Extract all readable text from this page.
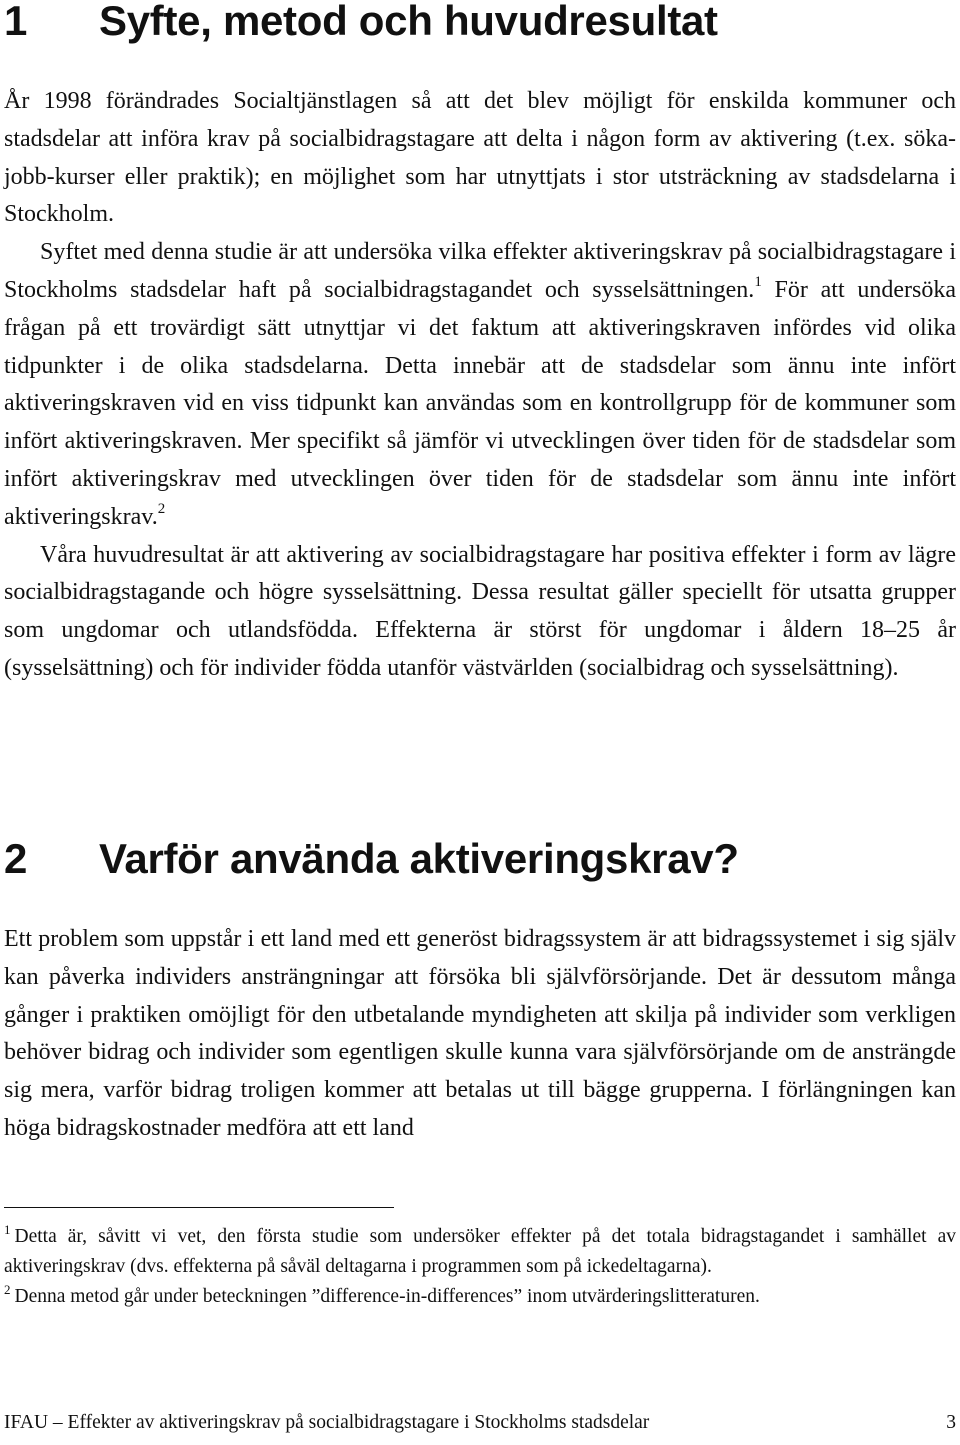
1 Syfte, metod och huvudresultat

År 1998 förändrades Socialtjänstlagen så att det blev möjligt för enskilda kommuner och stadsdelar att införa krav på socialbidragstagare att delta i någon form av aktivering (t.ex. söka-jobb-kurser eller praktik); en möjlighet som har utnyttjats i stor utsträckning av stadsdelarna i Stockholm.

Syftet med denna studie är att undersöka vilka effekter aktiveringskrav på socialbidragstagare i Stockholms stadsdelar haft på socialbidragstagandet och sysselsättningen.$^1$ För att undersöka frågan på ett trovärdigt sätt utnyttjar vi det faktum att aktiveringskraven infördes vid olika tidpunkter i de olika stadsdelarna. Detta innebär att de stadsdelar som ännu inte infört aktiveringskraven vid en viss tidpunkt kan användas som en kontrollgrupp för de kommuner som infört aktiveringskraven. Mer specifikt så jämför vi utvecklingen över tiden för de stadsdelar som infört aktiveringskrav med utvecklingen över tiden för de stadsdelar som ännu inte infört aktiveringskrav.$^2$

Våra huvudresultat är att aktivering av socialbidragstagare har positiva effekter i form av lägre socialbidragstagande och högre sysselsättning. Dessa resultat gäller speciellt för utsatta grupper som ungdomar och utlandsfödda. Effekterna är störst för ungdomar i åldern 18–25 år (sysselsättning) och för individer födda utanför västvärlden (socialbidrag och sysselsättning).

2 Varför använda aktiveringskrav?

Ett problem som uppstår i ett land med ett generöst bidragssystem är att bidragssystemet i sig själv kan påverka individers ansträngningar att försöka bli självförsörjande. Det är dessutom många gånger i praktiken omöjligt för den utbetalande myndigheten att skilja på individer som verkligen behöver bidrag och individer som egentligen skulle kunna vara självförsörjande om de ansträngde sig mera, varför bidrag troligen kommer att betalas ut till bägge grupperna. I förlängningen kan höga bidragskostnader medföra att ett land

$^1$ Detta är, såvitt vi vet, den första studie som undersöker effekter på det totala bidragstagandet i samhället av aktiveringskrav (dvs. effekterna på såväl deltagarna i programmen som på ickedeltagarna).

$^2$ Denna metod går under beteckningen ”difference-in-differences” inom utvärderingslitteraturen.

IFAU – Effekter av aktiveringskrav på socialbidragstagare i Stockholms stadsdelar	3
